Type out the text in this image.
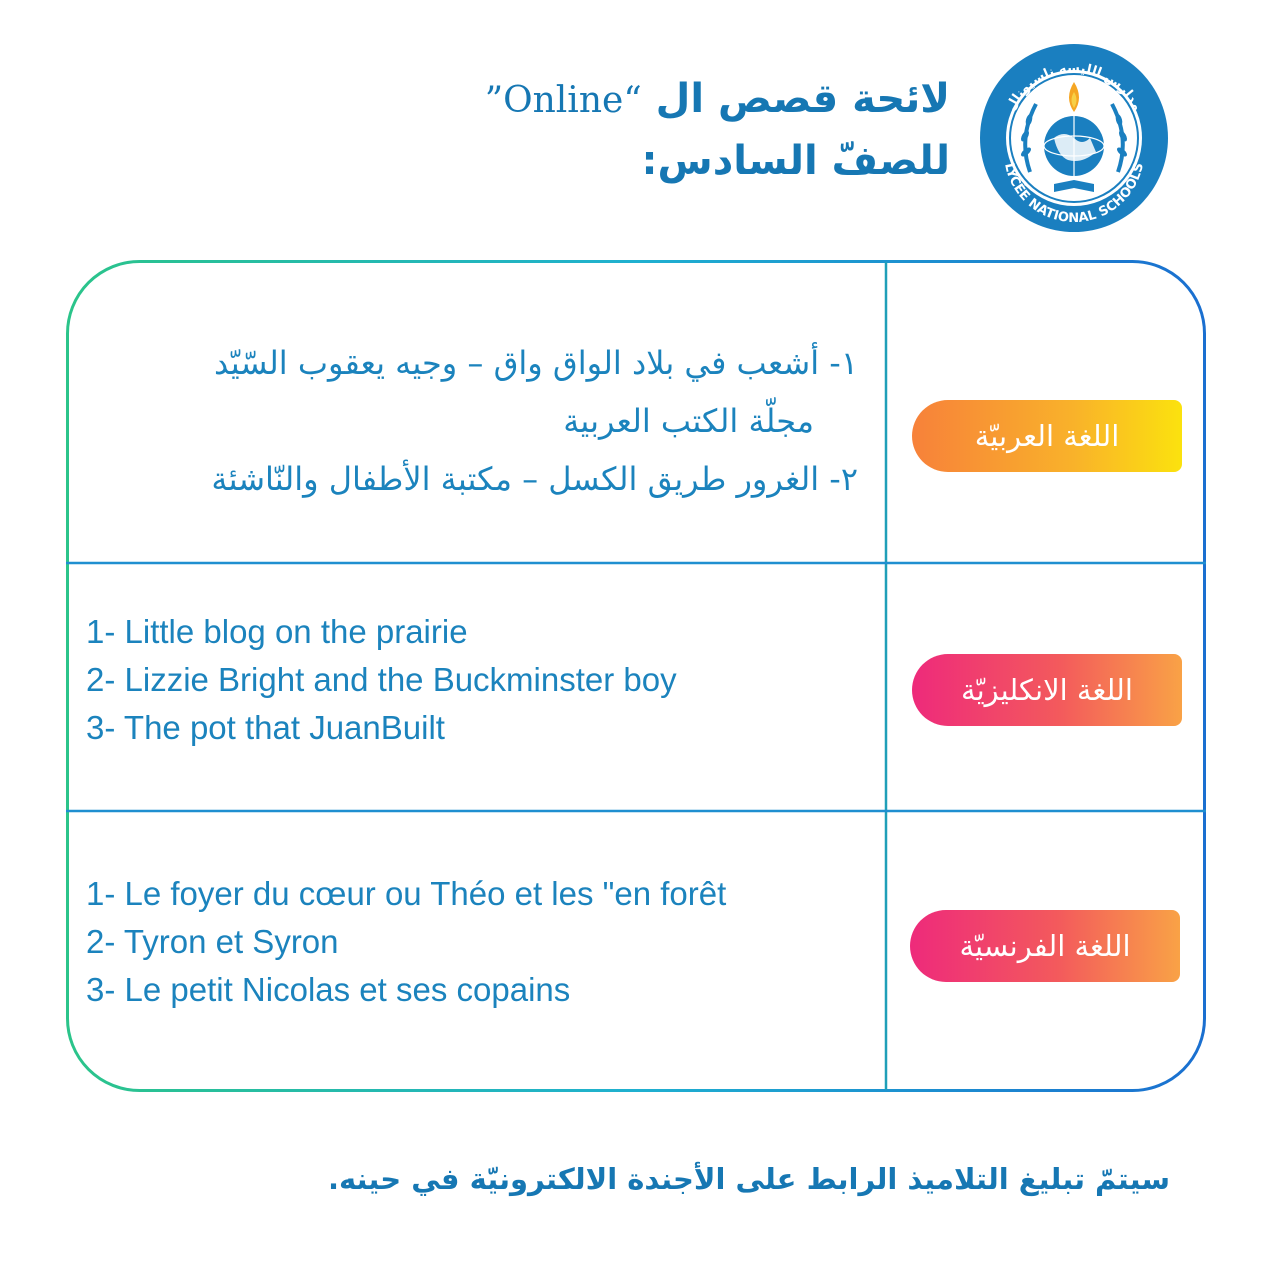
لائحة قصص ال “Online”
للصفّ السادس:
مدارس الليسه ناسيونال
LYCÉE NATIONAL SCHOOLS
١- أشعب في بلاد الواق واق – وجيه يعقوب السّيّد
مجلّة الكتب العربية
٢- الغرور طريق الكسل – مكتبة الأطفال والنّاشئة
اللغة العربيّة
1- Little blog on the prairie
2- Lizzie Bright and the Buckminster boy
3- The pot that JuanBuilt
اللغة الانكليزيّة
1- Le foyer du cœur ou Théo et les "en forêt
2- Tyron et Syron
3- Le petit Nicolas et ses copains
اللغة الفرنسيّة
سيتمّ تبليغ التلاميذ الرابط على الأجندة الالكترونيّة في حينه.
